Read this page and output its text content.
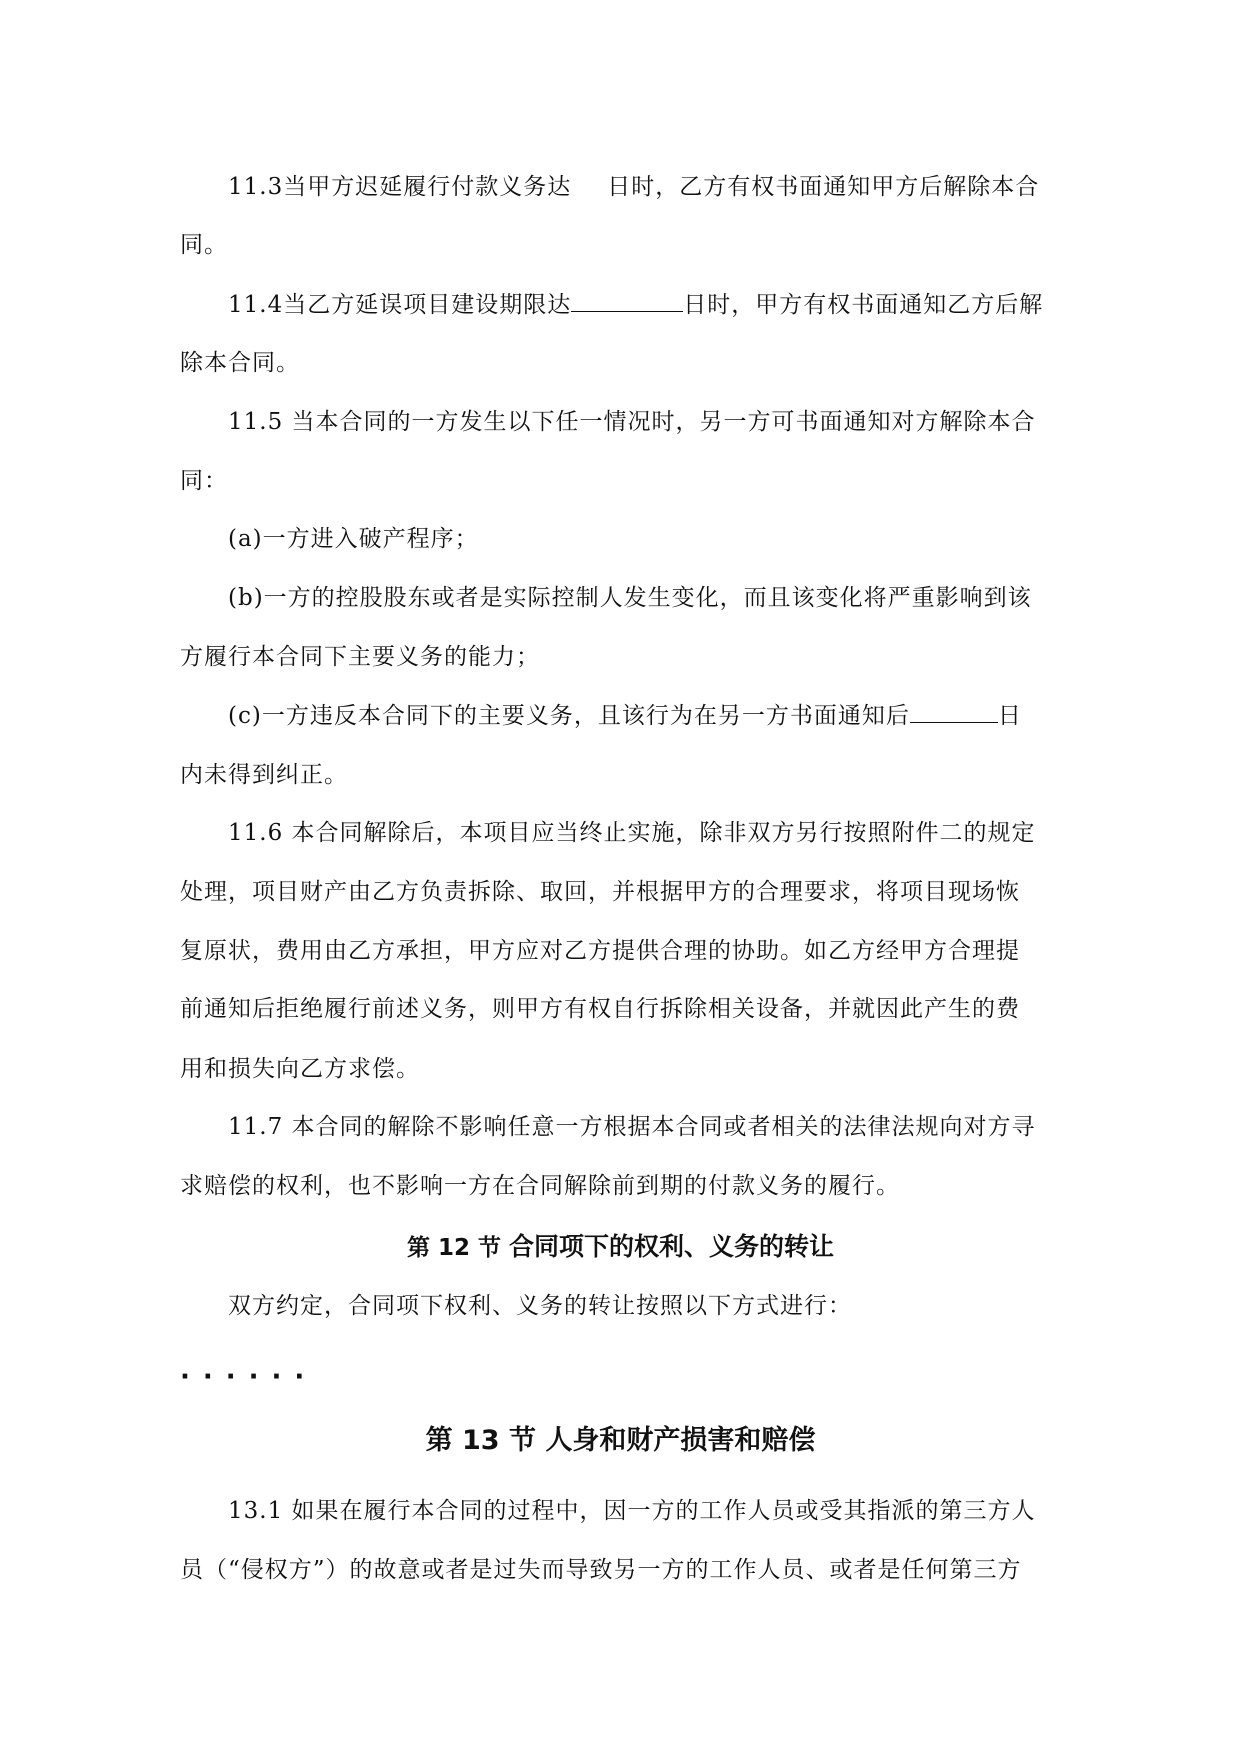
11.3当甲方迟延履行付款义务达 日时，乙方有权书面通知甲方后解除本合
同。
11.4当乙方延误项目建设期限达	日时，甲方有权书面通知乙方后解
除本合同。
11.5 当本合同的一方发生以下任一情况时，另一方可书面通知对方解除本合
同：
(a)一方进入破产程序；
(b)一方的控股股东或者是实际控制人发生变化，而且该变化将严重影响到该
方履行本合同下主要义务的能力；
(c)一方违反本合同下的主要义务，且该行为在另一方书面通知后	日
内未得到纠正。
11.6 本合同解除后，本项目应当终止实施，除非双方另行按照附件二的规定
处理，项目财产由乙方负责拆除、取回，并根据甲方的合理要求，将项目现场恢
复原状，费用由乙方承担，甲方应对乙方提供合理的协助。如乙方经甲方合理提
前通知后拒绝履行前述义务，则甲方有权自行拆除相关设备，并就因此产生的费
用和损失向乙方求偿。
11.7 本合同的解除不影响任意一方根据本合同或者相关的法律法规向对方寻
求赔偿的权利，也不影响一方在合同解除前到期的付款义务的履行。
第 12 节 合同项下的权利、义务的转让
双方约定，合同项下权利、义务的转让按照以下方式进行：
······
第 13 节 人身和财产损害和赔偿
13.1 如果在履行本合同的过程中，因一方的工作人员或受其指派的第三方人
员（“侵权方”）的故意或者是过失而导致另一方的工作人员、或者是任何第三方
